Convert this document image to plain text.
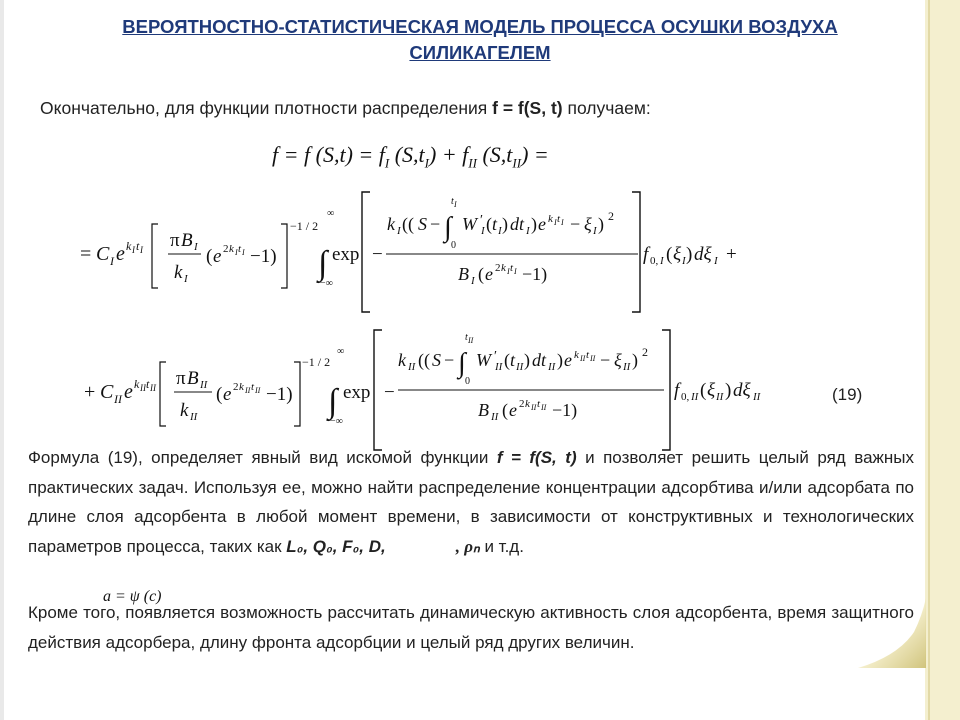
ВЕРОЯТНОСТНО-СТАТИСТИЧЕСКАЯ МОДЕЛЬ ПРОЦЕССА ОСУШКИ ВОЗДУХА СИЛИКАГЕЛЕМ
Окончательно, для функции плотности распределения f = f(S, t) получаем:
f = f $(S,t) = f_I$ $(S,t_I) + f_{II}$ $(S,t_{II})$ =
= C I e k I t I π B I
k I
( e 2 k I t I −1)
−1 / 2
∫
∞
−∞
exp −
k I (( S − ∫
t I
0
W ′
I ( t I ) dt I ) e k I t I − ξ I ) 2
B I ( e 2 k I t I −1)
f 0, I ( ξ I ) dξ I +
+ C II e k II t II π B II
k II
( e 2 k II t II −1)
−1 / 2
∫
∞
−∞
exp −
k II (( S − ∫
t II
0
W ′
II ( t II ) dt II ) e k II t II − ξ II ) 2
B II ( e 2 k II t II −1)
f 0, II ( ξ II ) dξ II	(19)
Формула (19), определяет явный вид искомой функции f = f(S, t) и позволяет решить целый ряд важных практических задач. Используя ее, можно найти распределение концентрации адсорбтива и/или адсорбата по длине слоя адсорбента в любой момент времени, в зависимости от конструктивных и технологических параметров процесса, таких как L₀, Q₀, F₀, D,	, ρₙ и т.д.
a = ψ (c)
Кроме того, появляется возможность рассчитать динамическую активность слоя адсорбента, время защитного действия адсорбера, длину фронта адсорбции и целый ряд других величин.
